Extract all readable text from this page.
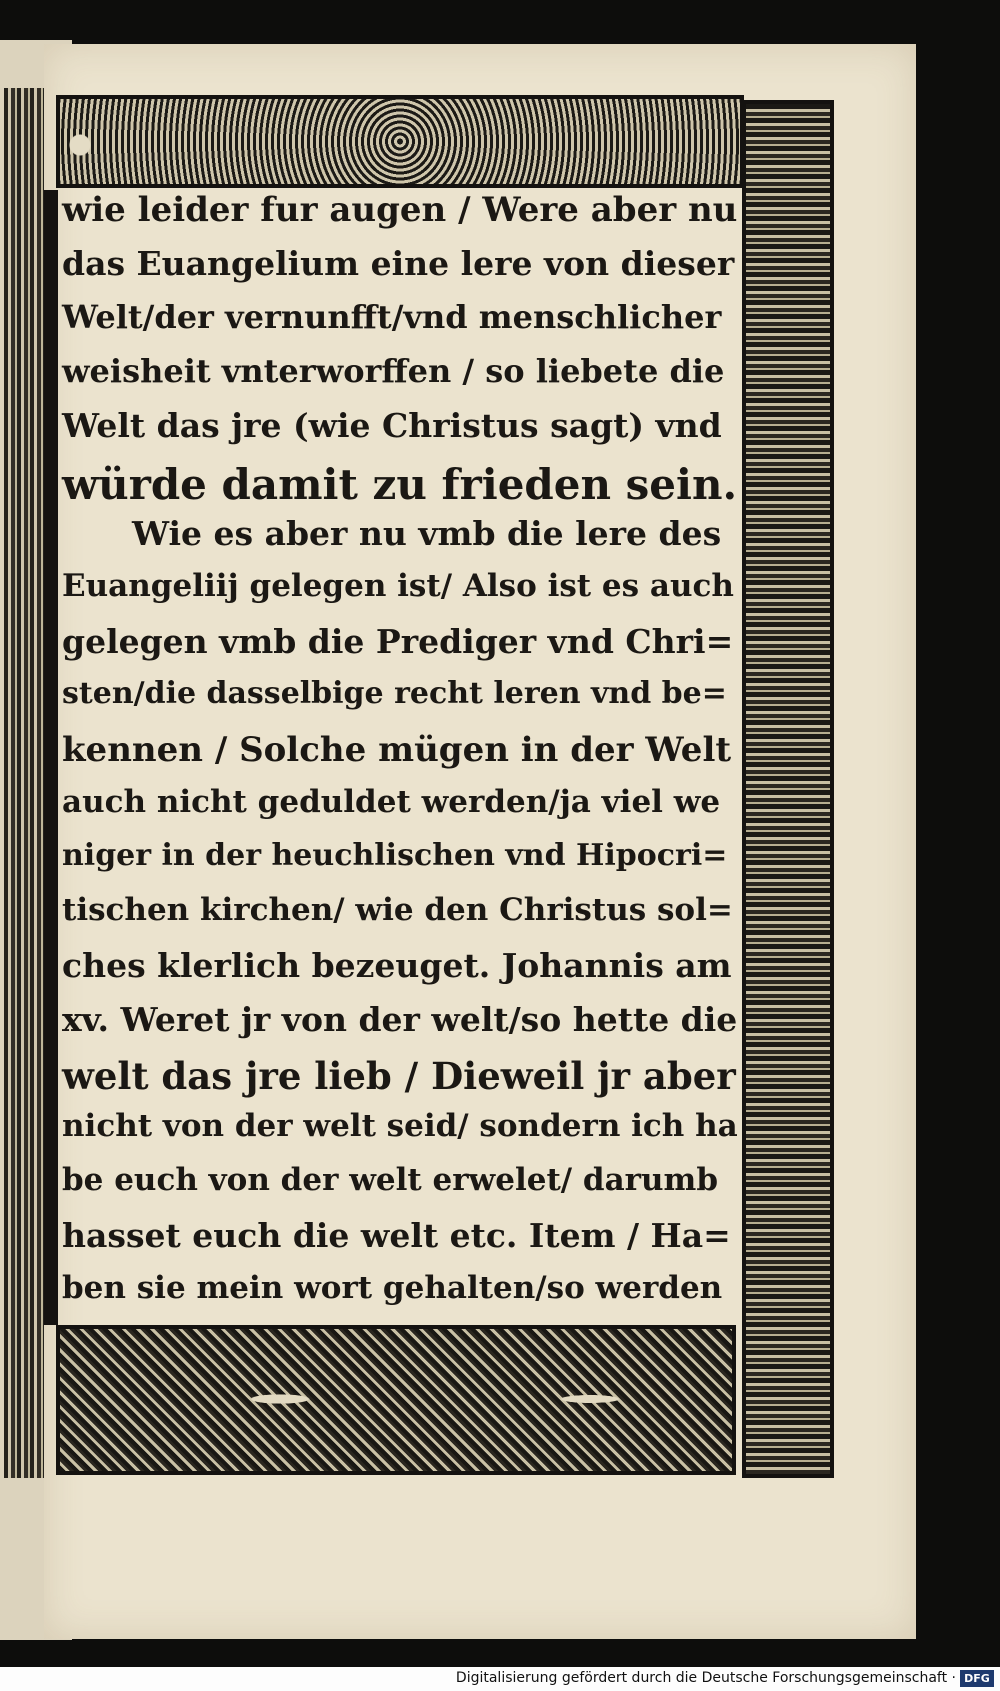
wie leider fur augen / Were aber nu
das Euangelium eine lere von dieser
Welt/der vernunfft/vnd menschlicher
weisheit vnterworffen / so liebete die
Welt das jre (wie Christus sagt) vnd
würde damit zu frieden sein.
Wie es aber nu vmb die lere des
Euangeliij gelegen ist/ Also ist es auch
gelegen vmb die Prediger vnd Chri=
sten/die dasselbige recht leren vnd be=
kennen / Solche mügen in der Welt
auch nicht geduldet werden/ja viel we
niger in der heuchlischen vnd Hipocri=
tischen kirchen/ wie den Christus sol=
ches klerlich bezeuget. Johannis am
xv. Weret jr von der welt/so hette die
welt das jre lieb / Dieweil jr aber
nicht von der welt seid/ sondern ich ha
be euch von der welt erwelet/ darumb
hasset euch die welt etc. Item / Ha=
ben sie mein wort gehalten/so werden
Digitalisierung gefördert durch die Deutsche Forschungsgemeinschaft · DFG
